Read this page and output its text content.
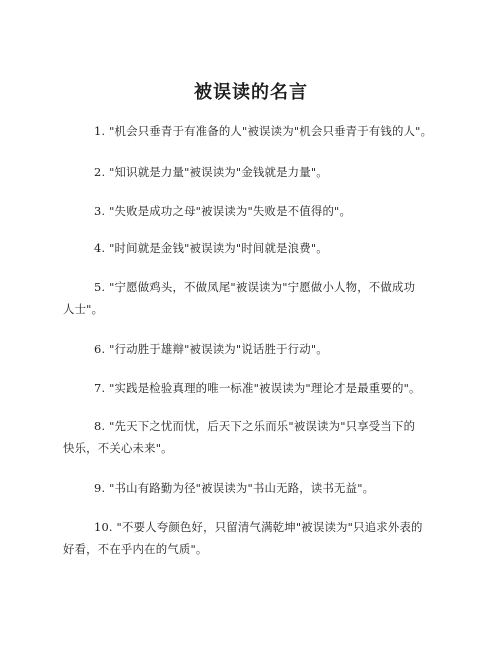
被误读的名言
1. "机会只垂青于有准备的人"被误读为"机会只垂青于有钱的人"。
2. "知识就是力量"被误读为"金钱就是力量"。
3. "失败是成功之母"被误读为"失败是不值得的"。
4. "时间就是金钱"被误读为"时间就是浪费"。
5. "宁愿做鸡头，不做凤尾"被误读为"宁愿做小人物，不做成功
人士"。
6. "行动胜于雄辩"被误读为"说话胜于行动"。
7. "实践是检验真理的唯一标准"被误读为"理论才是最重要的"。
8. "先天下之忧而忧，后天下之乐而乐"被误读为"只享受当下的
快乐，不关心未来"。
9. "书山有路勤为径"被误读为"书山无路，读书无益"。
10. "不要人夸颜色好，只留清气满乾坤"被误读为"只追求外表的
好看，不在乎内在的气质"。
